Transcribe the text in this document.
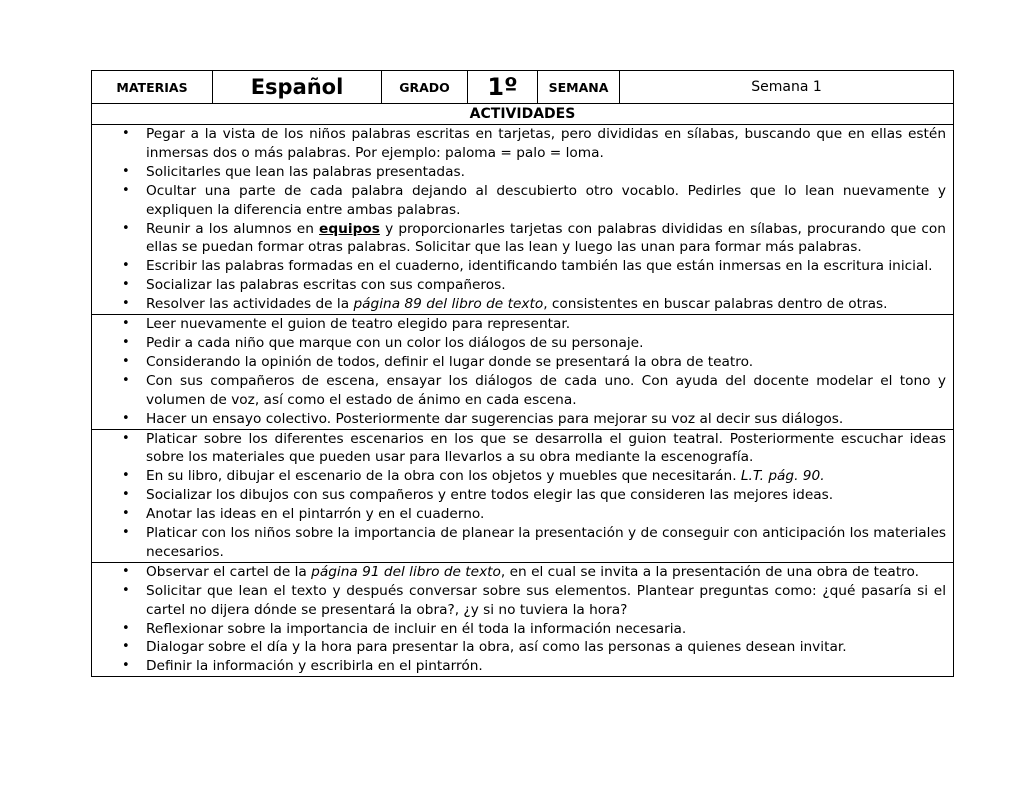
MATERIAS	Español	GRADO	1º	SEMANA	Semana 1
ACTIVIDADES

• Pegar a la vista de los niños palabras escritas en tarjetas, pero divididas en sílabas, buscando que en ellas estén inmersas dos o más palabras. Por ejemplo: paloma = palo = loma.
• Solicitarles que lean las palabras presentadas.
• Ocultar una parte de cada palabra dejando al descubierto otro vocablo. Pedirles que lo lean nuevamente y expliquen la diferencia entre ambas palabras.
• Reunir a los alumnos en equipos y proporcionarles tarjetas con palabras divididas en sílabas, procurando que con ellas se puedan formar otras palabras. Solicitar que las lean y luego las unan para formar más palabras.
• Escribir las palabras formadas en el cuaderno, identificando también las que están inmersas en la escritura inicial.
• Socializar las palabras escritas con sus compañeros.
• Resolver las actividades de la página 89 del libro de texto, consistentes en buscar palabras dentro de otras.

• Leer nuevamente el guion de teatro elegido para representar.
• Pedir a cada niño que marque con un color los diálogos de su personaje.
• Considerando la opinión de todos, definir el lugar donde se presentará la obra de teatro.
• Con sus compañeros de escena, ensayar los diálogos de cada uno. Con ayuda del docente modelar el tono y volumen de voz, así como el estado de ánimo en cada escena.
• Hacer un ensayo colectivo. Posteriormente dar sugerencias para mejorar su voz al decir sus diálogos.

• Platicar sobre los diferentes escenarios en los que se desarrolla el guion teatral. Posteriormente escuchar ideas sobre los materiales que pueden usar para llevarlos a su obra mediante la escenografía.
• En su libro, dibujar el escenario de la obra con los objetos y muebles que necesitarán. L.T. pág. 90.
• Socializar los dibujos con sus compañeros y entre todos elegir las que consideren las mejores ideas.
• Anotar las ideas en el pintarrón y en el cuaderno.
• Platicar con los niños sobre la importancia de planear la presentación y de conseguir con anticipación los materiales necesarios.

• Observar el cartel de la página 91 del libro de texto, en el cual se invita a la presentación de una obra de teatro.
• Solicitar que lean el texto y después conversar sobre sus elementos. Plantear preguntas como: ¿qué pasaría si el cartel no dijera dónde se presentará la obra?, ¿y si no tuviera la hora?
• Reflexionar sobre la importancia de incluir en él toda la información necesaria.
• Dialogar sobre el día y la hora para presentar la obra, así como las personas a quienes desean invitar.
• Definir la información y escribirla en el pintarrón.
